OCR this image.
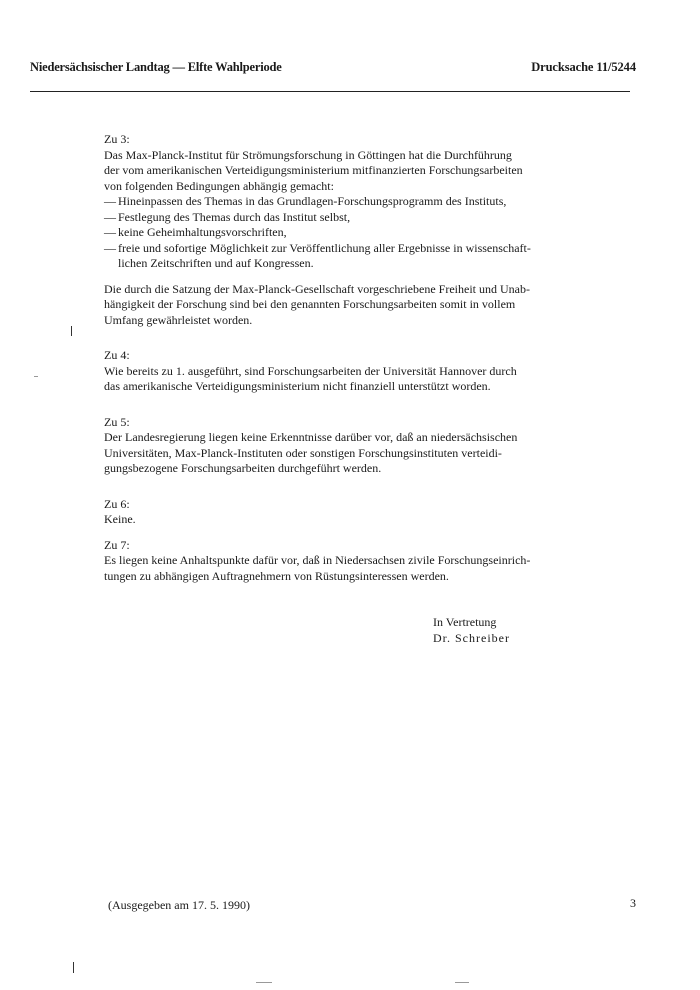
Niedersächsischer Landtag — Elfte Wahlperiode	Drucksache 11/5244

Zu 3:

Das Max-Planck-Institut für Strömungsforschung in Göttingen hat die Durchführung

der vom amerikanischen Verteidigungsministerium mitfinanzierten Forschungsarbeiten

von folgenden Bedingungen abhängig gemacht:

— Hineinpassen des Themas in das Grundlagen-Forschungsprogramm des Instituts,
— Festlegung des Themas durch das Institut selbst,
— keine Geheimhaltungsvorschriften,
— freie und sofortige Möglichkeit zur Veröffentlichung aller Ergebnisse in wissenschaft-lichen Zeitschriften und auf Kongressen.

Die durch die Satzung der Max-Planck-Gesellschaft vorgeschriebene Freiheit und Unab-

hängigkeit der Forschung sind bei den genannten Forschungsarbeiten somit in vollem

Umfang gewährleistet worden.

Zu 4:

Wie bereits zu 1. ausgeführt, sind Forschungsarbeiten der Universität Hannover durch

das amerikanische Verteidigungsministerium nicht finanziell unterstützt worden.

Zu 5:

Der Landesregierung liegen keine Erkenntnisse darüber vor, daß an niedersächsischen

Universitäten, Max-Planck-Instituten oder sonstigen Forschungsinstituten verteidi-

gungsbezogene Forschungsarbeiten durchgeführt werden.

Zu 6:

Keine.

Zu 7:

Es liegen keine Anhaltspunkte dafür vor, daß in Niedersachsen zivile Forschungseinrich-

tungen zu abhängigen Auftragnehmern von Rüstungsinteressen werden.

In Vertretung
Dr. Schreiber
(Ausgegeben am 17. 5. 1990)	3
